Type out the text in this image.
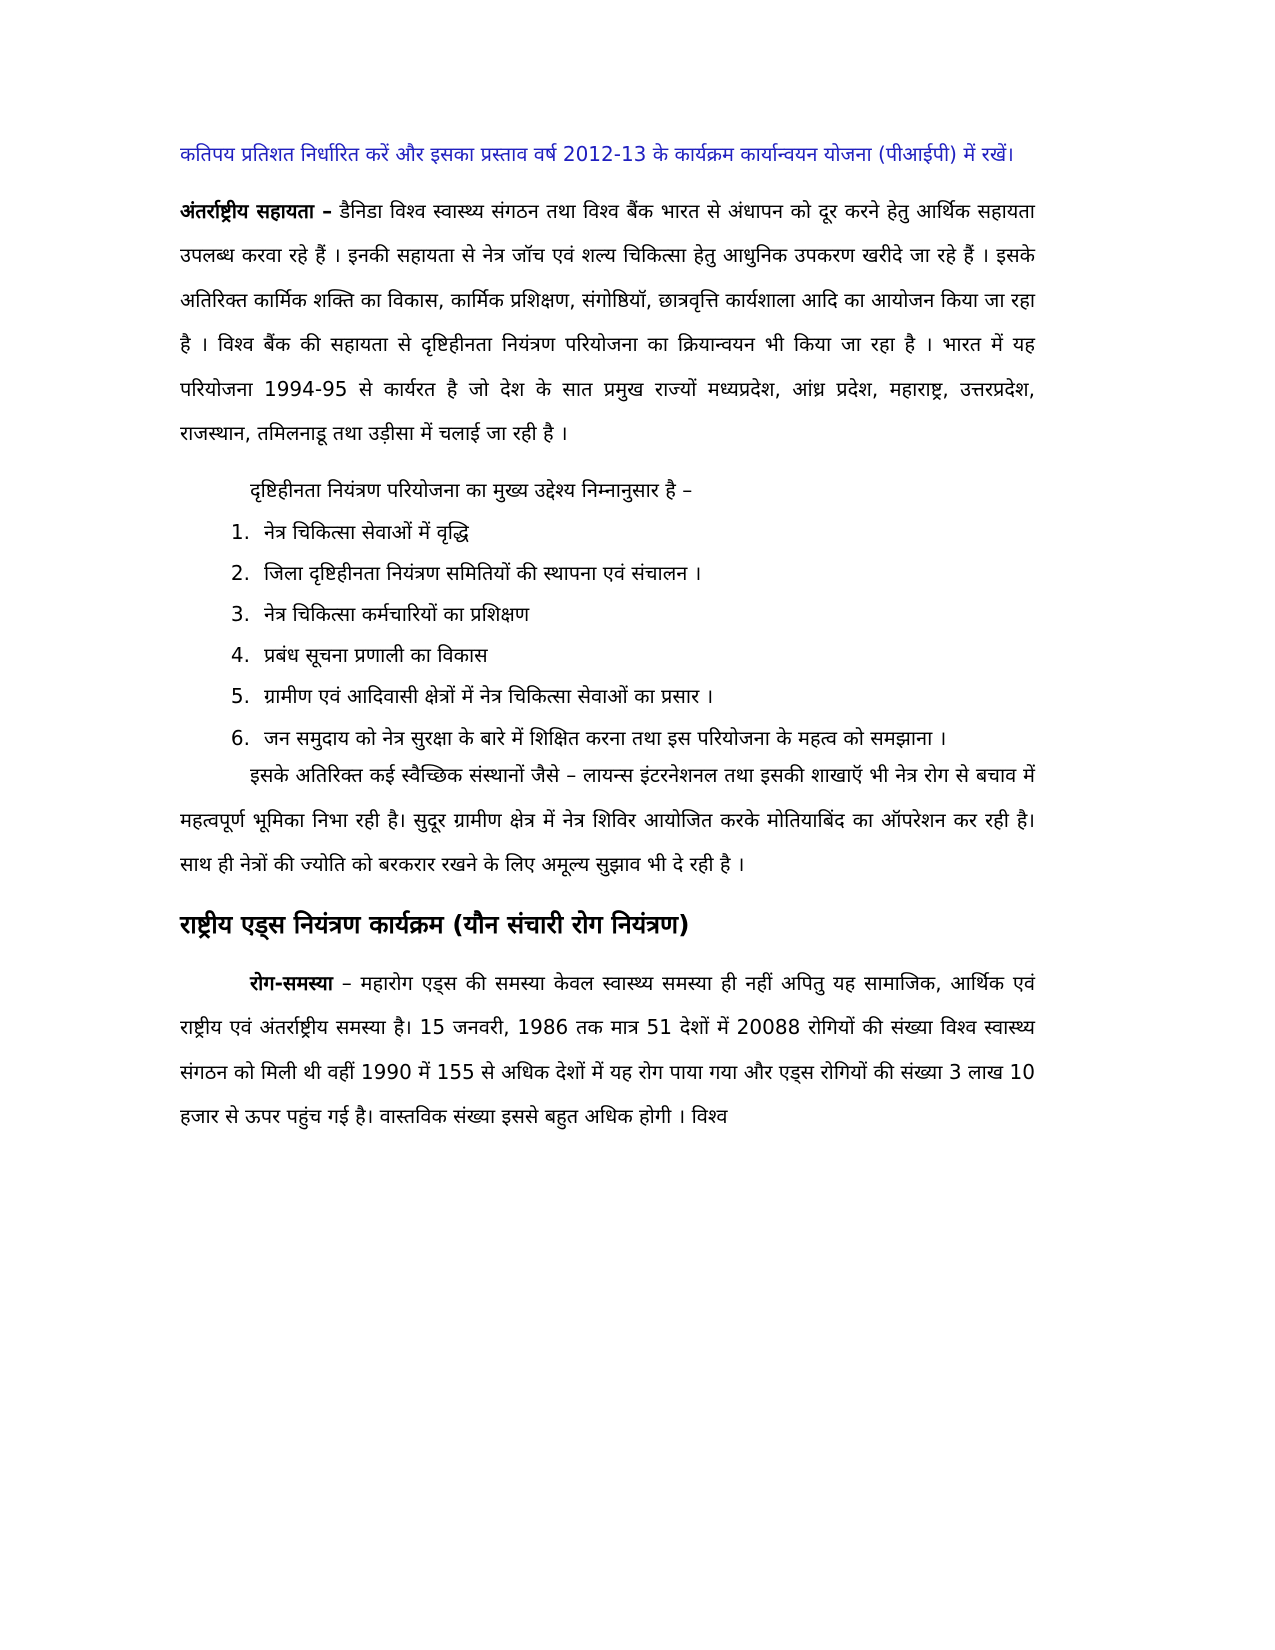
कतिपय प्रतिशत निर्धारित करें और इसका प्रस्ताव वर्ष 2012-13 के कार्यक्रम कार्यान्वयन योजना (पीआईपी) में रखें।

अंतर्राष्ट्रीय सहायता – डैनिडा विश्व स्वास्थ्य संगठन तथा विश्व बैंक भारत से अंधापन को दूर करने हेतु आर्थिक सहायता उपलब्ध करवा रहे हैं । इनकी सहायता से नेत्र जॉच एवं शल्य चिकित्सा हेतु आधुनिक उपकरण खरीदे जा रहे हैं । इसके अतिरिक्त कार्मिक शक्ति का विकास, कार्मिक प्रशिक्षण, संगोष्ठियॉ, छात्रवृत्ति कार्यशाला आदि का आयोजन किया जा रहा है । विश्व बैंक की सहायता से दृष्टिहीनता नियंत्रण परियोजना का क्रियान्वयन भी किया जा रहा है । भारत में यह परियोजना 1994-95 से कार्यरत है जो देश के सात प्रमुख राज्यों मध्यप्रदेश, आंध्र प्रदेश, महाराष्ट्र, उत्तरप्रदेश, राजस्थान, तमिलनाडू तथा उड़ीसा में चलाई जा रही है ।

दृष्टिहीनता नियंत्रण परियोजना का मुख्य उद्देश्य निम्नानुसार है –

1. नेत्र चिकित्सा सेवाओं में वृद्धि
2. जिला दृष्टिहीनता नियंत्रण समितियों की स्थापना एवं संचालन ।
3. नेत्र चिकित्सा कर्मचारियों का प्रशिक्षण
4. प्रबंध सूचना प्रणाली का विकास
5. ग्रामीण एवं आदिवासी क्षेत्रों में नेत्र चिकित्सा सेवाओं का प्रसार ।
6. जन समुदाय को नेत्र सुरक्षा के बारे में शिक्षित करना तथा इस परियोजना के महत्व को समझाना ।

इसके अतिरिक्त कई स्वैच्छिक संस्थानों जैसे – लायन्स इंटरनेशनल तथा इसकी शाखाऍ भी नेत्र रोग से बचाव में महत्वपूर्ण भूमिका निभा रही है। सुदूर ग्रामीण क्षेत्र में नेत्र शिविर आयोजित करके मोतियाबिंद का ऑपरेशन कर रही है। साथ ही नेत्रों की ज्योति को बरकरार रखने के लिए अमूल्य सुझाव भी दे रही है ।

राष्ट्रीय एड्स नियंत्रण कार्यक्रम (यौन संचारी रोग नियंत्रण)

रोग-समस्या – महारोग एड्स की समस्या केवल स्वास्थ्य समस्या ही नहीं अपितु यह सामाजिक, आर्थिक एवं राष्ट्रीय एवं अंतर्राष्ट्रीय समस्या है। 15 जनवरी, 1986 तक मात्र 51 देशों में 20088 रोगियों की संख्या विश्व स्वास्थ्य संगठन को मिली थी वहीं 1990 में 155 से अधिक देशों में यह रोग पाया गया और एड्स रोगियों की संख्या 3 लाख 10 हजार से ऊपर पहुंच गई है। वास्तविक संख्या इससे बहुत अधिक होगी । विश्व
